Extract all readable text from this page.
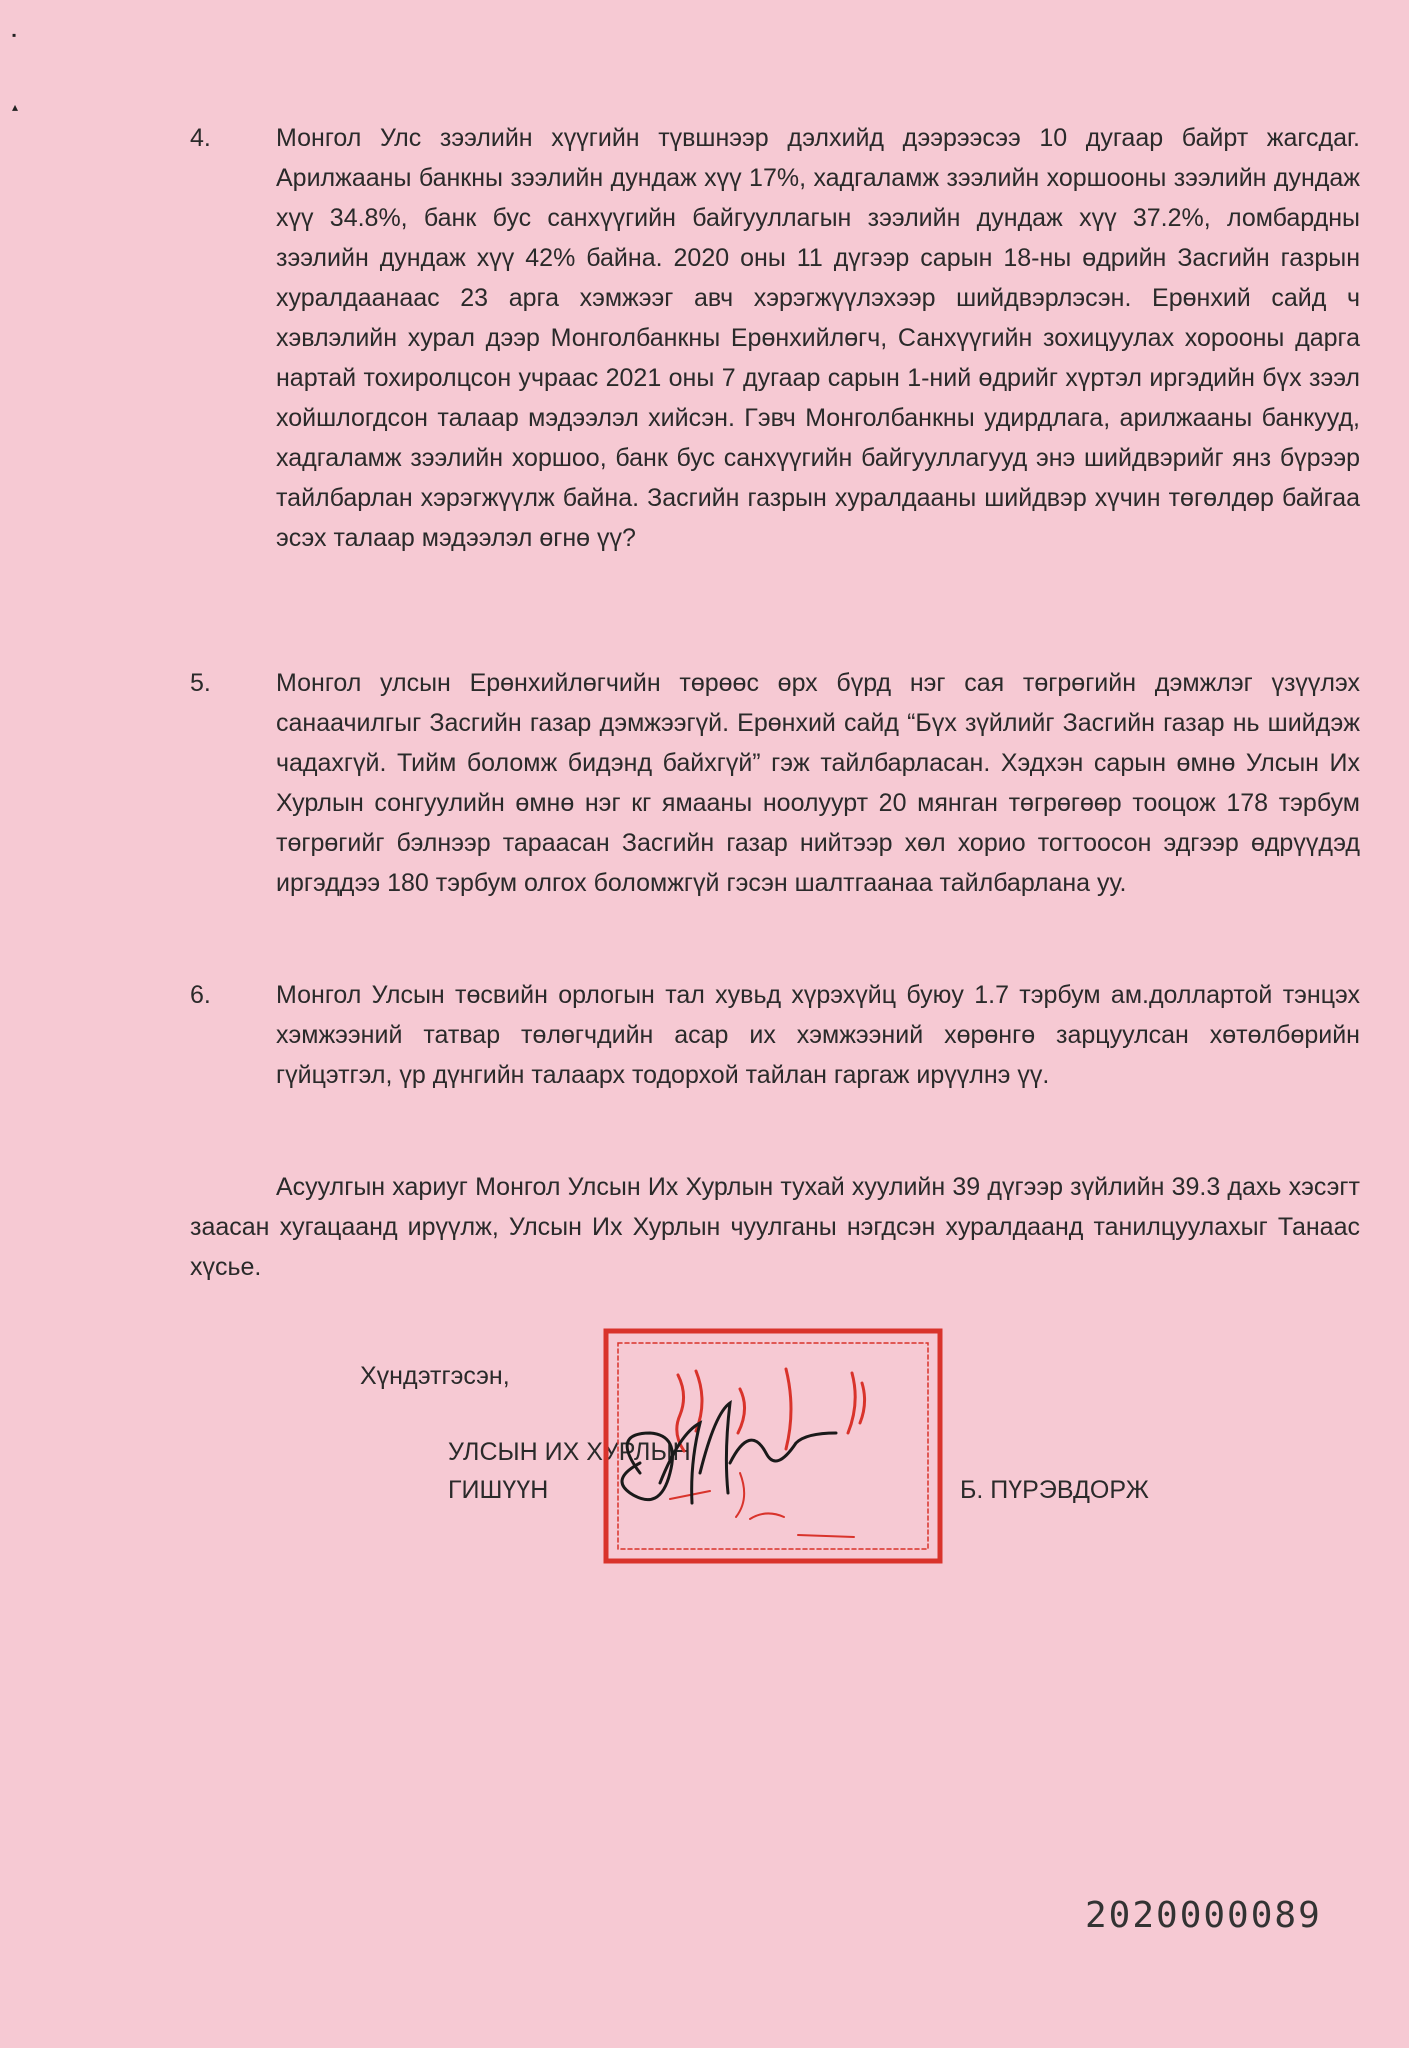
▪
▴
4.	Монгол Улс зээлийн хүүгийн түвшнээр дэлхийд дээрээсээ 10 дугаар байрт жагсдаг. Арилжааны банкны зээлийн дундаж хүү 17%, хадгаламж зээлийн хоршооны зээлийн дундаж хүү 34.8%, банк бус санхүүгийн байгууллагын зээлийн дундаж хүү 37.2%, ломбардны зээлийн дундаж хүү 42% байна. 2020 оны 11 дүгээр сарын 18-ны өдрийн Засгийн газрын хуралдаанаас 23 арга хэмжээг авч хэрэгжүүлэхээр шийдвэрлэсэн. Ерөнхий сайд ч хэвлэлийн хурал дээр Монголбанкны Ерөнхийлөгч, Санхүүгийн зохицуулах хорооны дарга нартай тохиролцсон учраас 2021 оны 7 дугаар сарын 1-ний өдрийг хүртэл иргэдийн бүх зээл хойшлогдсон талаар мэдээлэл хийсэн. Гэвч Монголбанкны удирдлага, арилжааны банкууд, хадгаламж зээлийн хоршоо, банк бус санхүүгийн байгууллагууд энэ шийдвэрийг янз бүрээр тайлбарлан хэрэгжүүлж байна. Засгийн газрын хуралдааны шийдвэр хүчин төгөлдөр байгаа эсэх талаар мэдээлэл өгнө үү?
5.	Монгол улсын Ерөнхийлөгчийн төрөөс өрх бүрд нэг сая төгрөгийн дэмжлэг үзүүлэх санаачилгыг Засгийн газар дэмжээгүй. Ерөнхий сайд “Бүх зүйлийг Засгийн газар нь шийдэж чадахгүй. Тийм боломж бидэнд байхгүй” гэж тайлбарласан. Хэдхэн сарын өмнө Улсын Их Хурлын сонгуулийн өмнө нэг кг ямааны ноолуурт 20 мянган төгрөгөөр тооцож 178 тэрбум төгрөгийг бэлнээр тараасан Засгийн газар нийтээр хөл хорио тогтоосон эдгээр өдрүүдэд иргэддээ 180 тэрбум олгох боломжгүй гэсэн шалтгаанаа тайлбарлана уу.
6.	Монгол Улсын төсвийн орлогын тал хувьд хүрэхүйц буюу 1.7 тэрбум ам.доллартой тэнцэх хэмжээний татвар төлөгчдийн асар их хэмжээний хөрөнгө зарцуулсан хөтөлбөрийн гүйцэтгэл, үр дүнгийн талаарх тодорхой тайлан гаргаж ирүүлнэ үү.
Асуулгын хариуг Монгол Улсын Их Хурлын тухай хуулийн 39 дүгээр зүйлийн 39.3 дахь хэсэгт заасан хугацаанд ирүүлж, Улсын Их Хурлын чуулганы нэгдсэн хуралдаанд танилцуулахыг Танаас хүсье.
Хүндэтгэсэн,
УЛСЫН ИХ ХУРЛЫН
ГИШҮҮН	Б. ПҮРЭВДОРЖ
2020000089
